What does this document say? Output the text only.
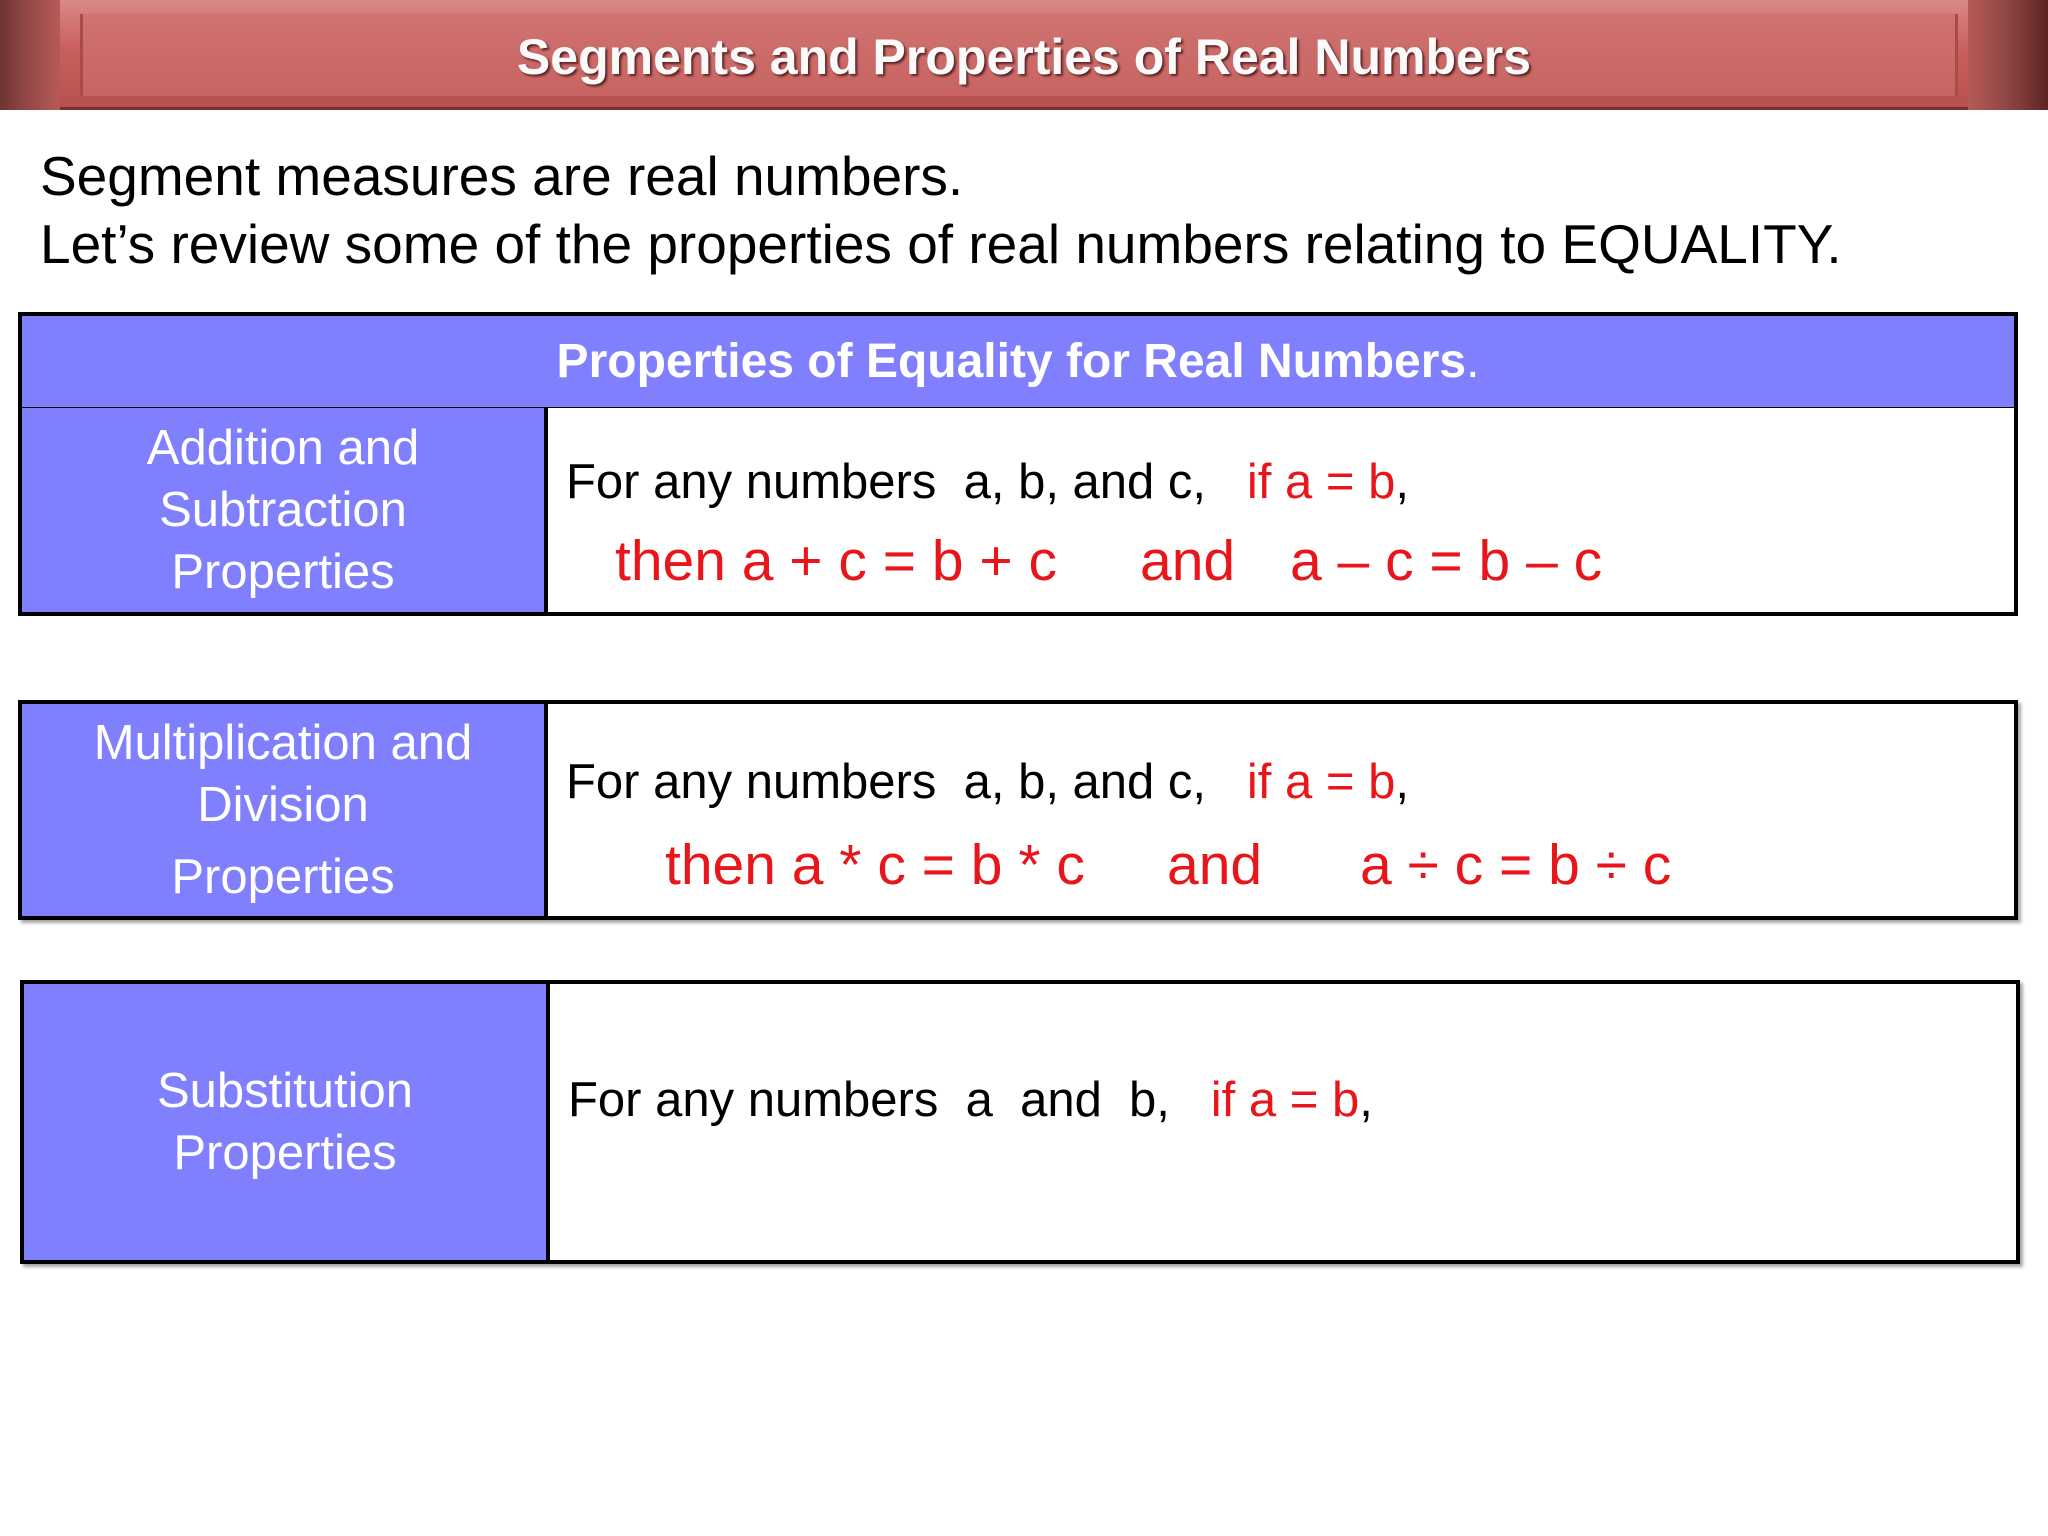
Segments and Properties of Real Numbers
Segment measures are real numbers.
Let’s review some of the properties of real numbers relating to EQUALITY.
Properties of Equality for Real Numbers.
Addition and
Subtraction
Properties
For any numbers  a, b, and c,   if a = b,
then a + c = b + c and a – c = b – c
Multiplication and
Division
Properties
For any numbers  a, b, and c,   if a = b,
then a * c = b * c and a ÷ c = b ÷ c
Substitution
Properties
For any numbers  a  and  b,   if a = b,
